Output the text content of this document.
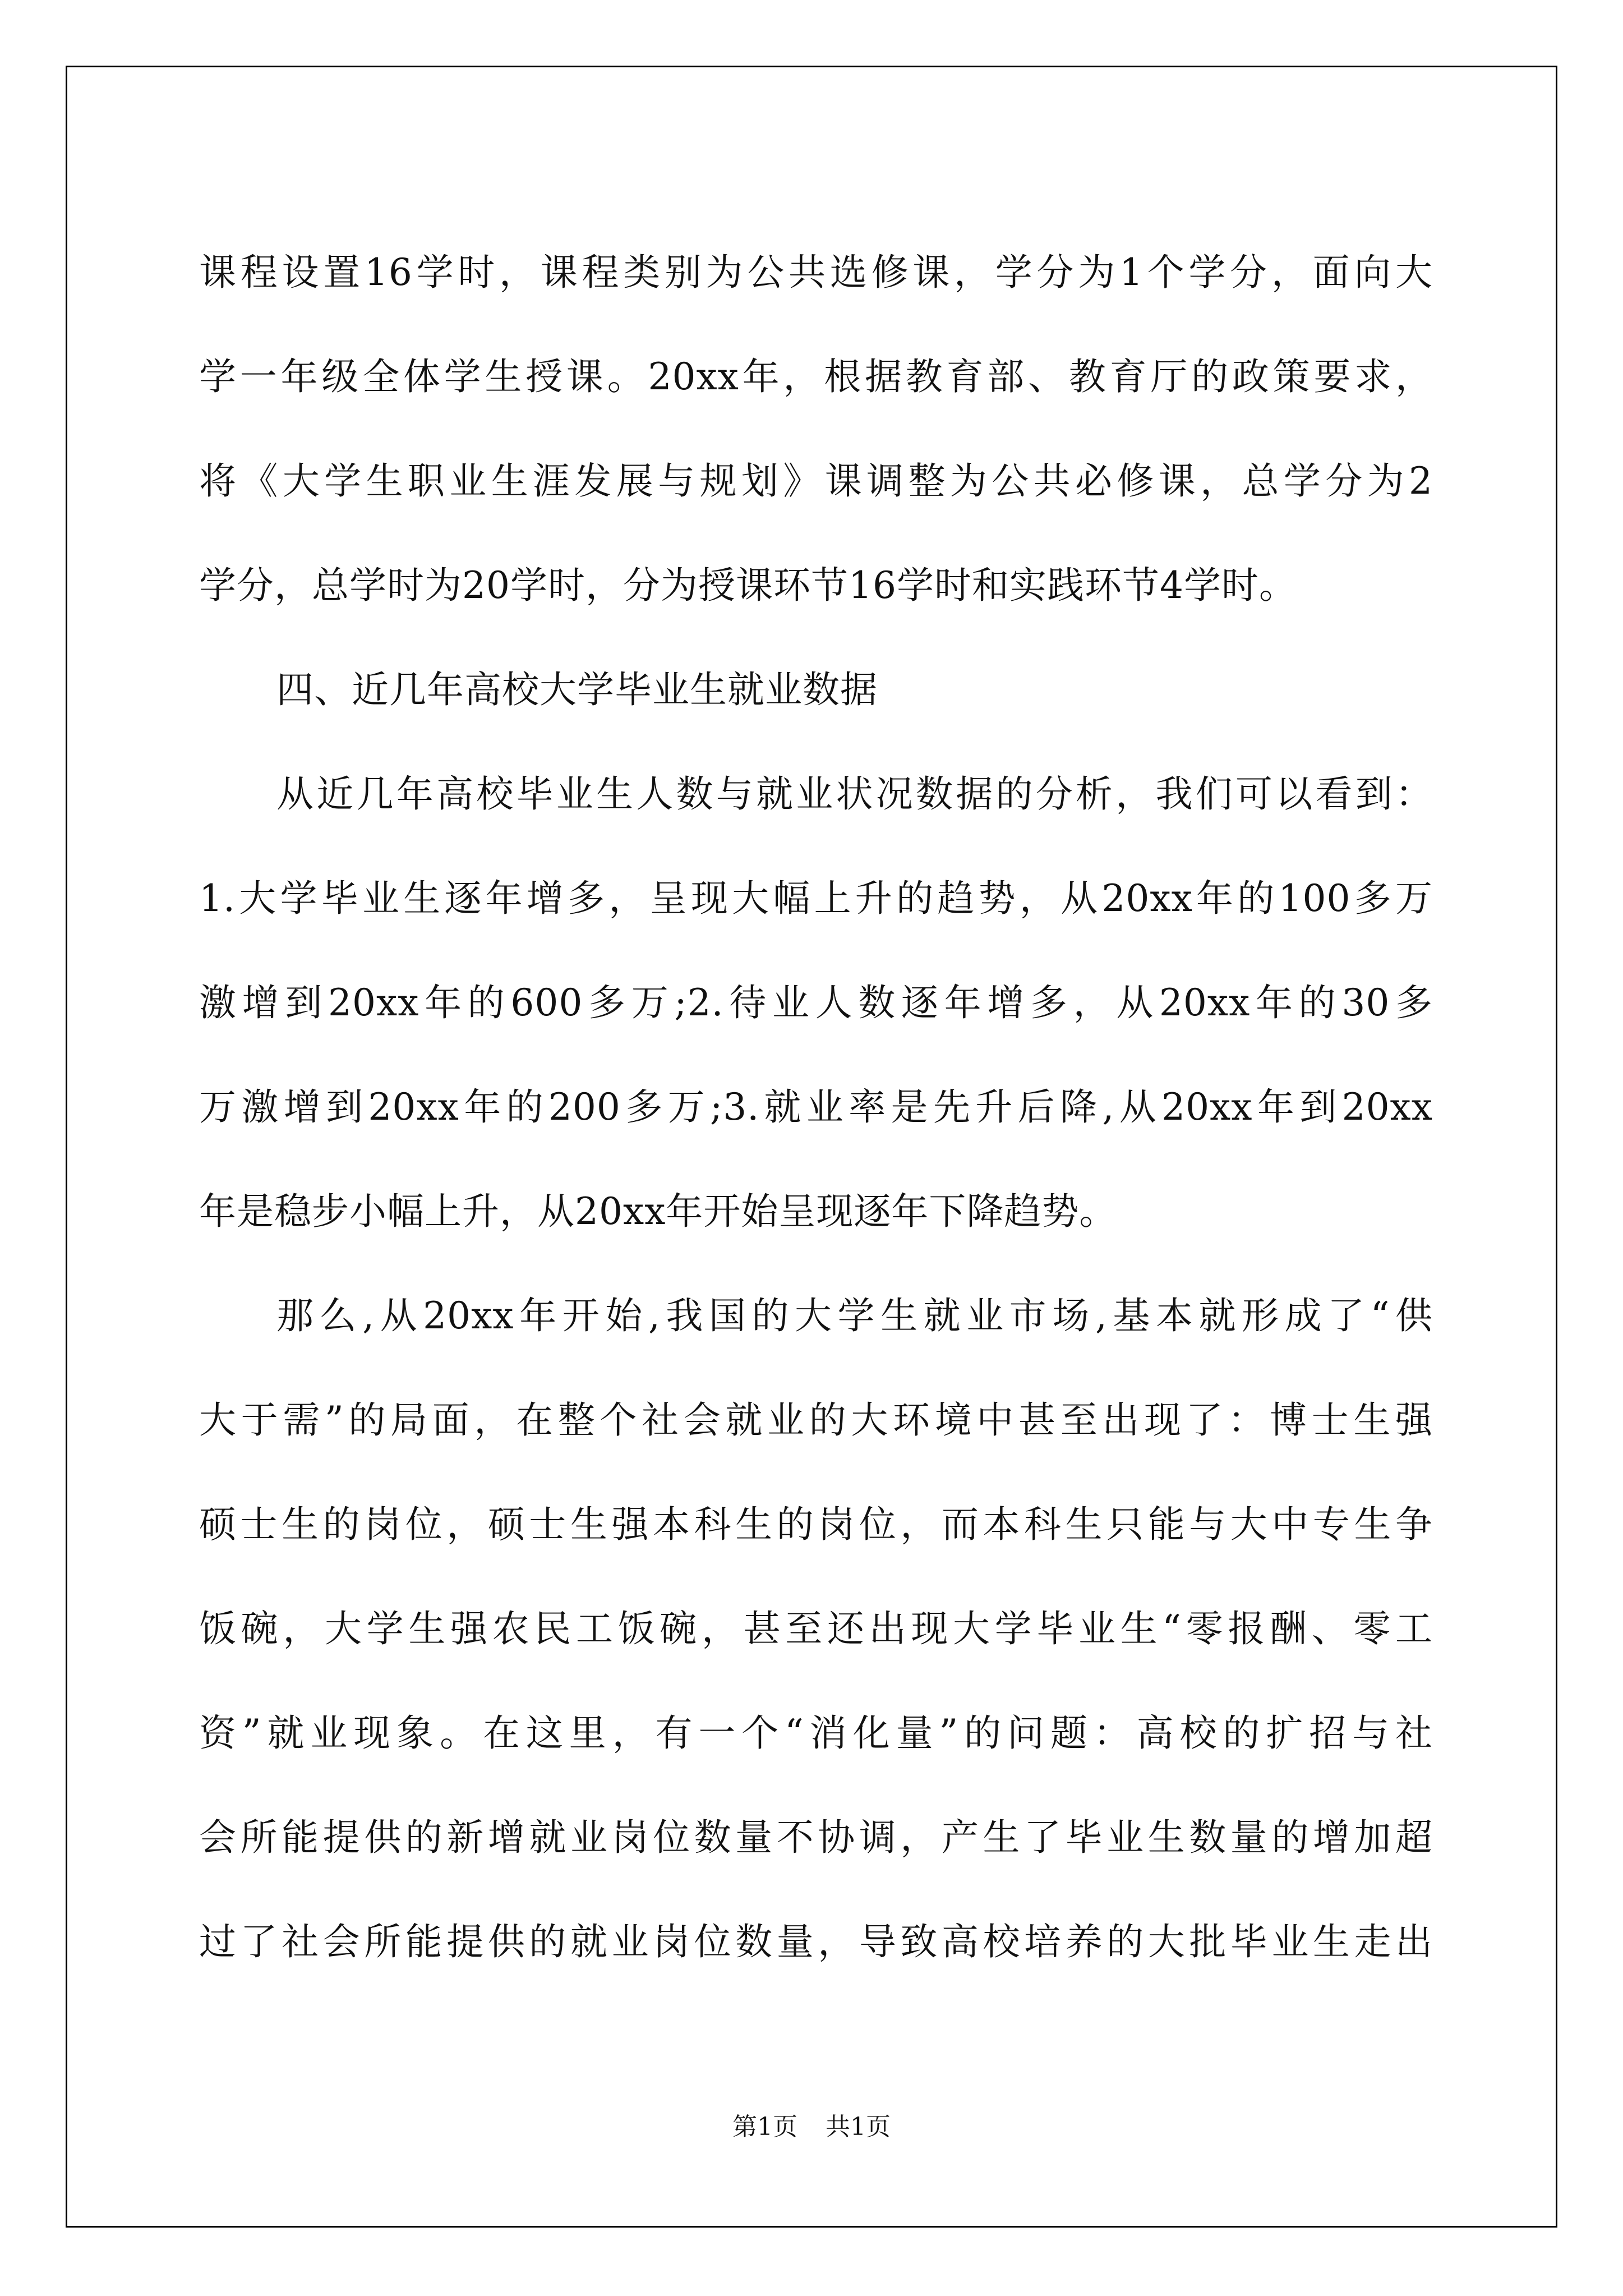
课程设置16学时，课程类别为公共选修课，学分为1个学分，面向大
学一年级全体学生授课。20xx年，根据教育部、教育厅的政策要求，
将《大学生职业生涯发展与规划》课调整为公共必修课，总学分为2
学分，总学时为20学时，分为授课环节16学时和实践环节4学时。
四、近几年高校大学毕业生就业数据
从近几年高校毕业生人数与就业状况数据的分析，我们可以看到：
1.大学毕业生逐年增多，呈现大幅上升的趋势，从20xx年的100多万
激增到20xx年的600多万;2.待业人数逐年增多，从20xx年的30多
万激增到20xx年的200多万;3.就业率是先升后降,从20xx年到20xx
年是稳步小幅上升，从20xx年开始呈现逐年下降趋势。
那么,从20xx年开始,我国的大学生就业市场,基本就形成了“供
大于需”的局面，在整个社会就业的大环境中甚至出现了：博士生强
硕士生的岗位，硕士生强本科生的岗位，而本科生只能与大中专生争
饭碗，大学生强农民工饭碗，甚至还出现大学毕业生“零报酬、零工
资”就业现象。在这里，有一个“消化量”的问题：高校的扩招与社
会所能提供的新增就业岗位数量不协调，产生了毕业生数量的增加超
过了社会所能提供的就业岗位数量，导致高校培养的大批毕业生走出
第1页 共1页
